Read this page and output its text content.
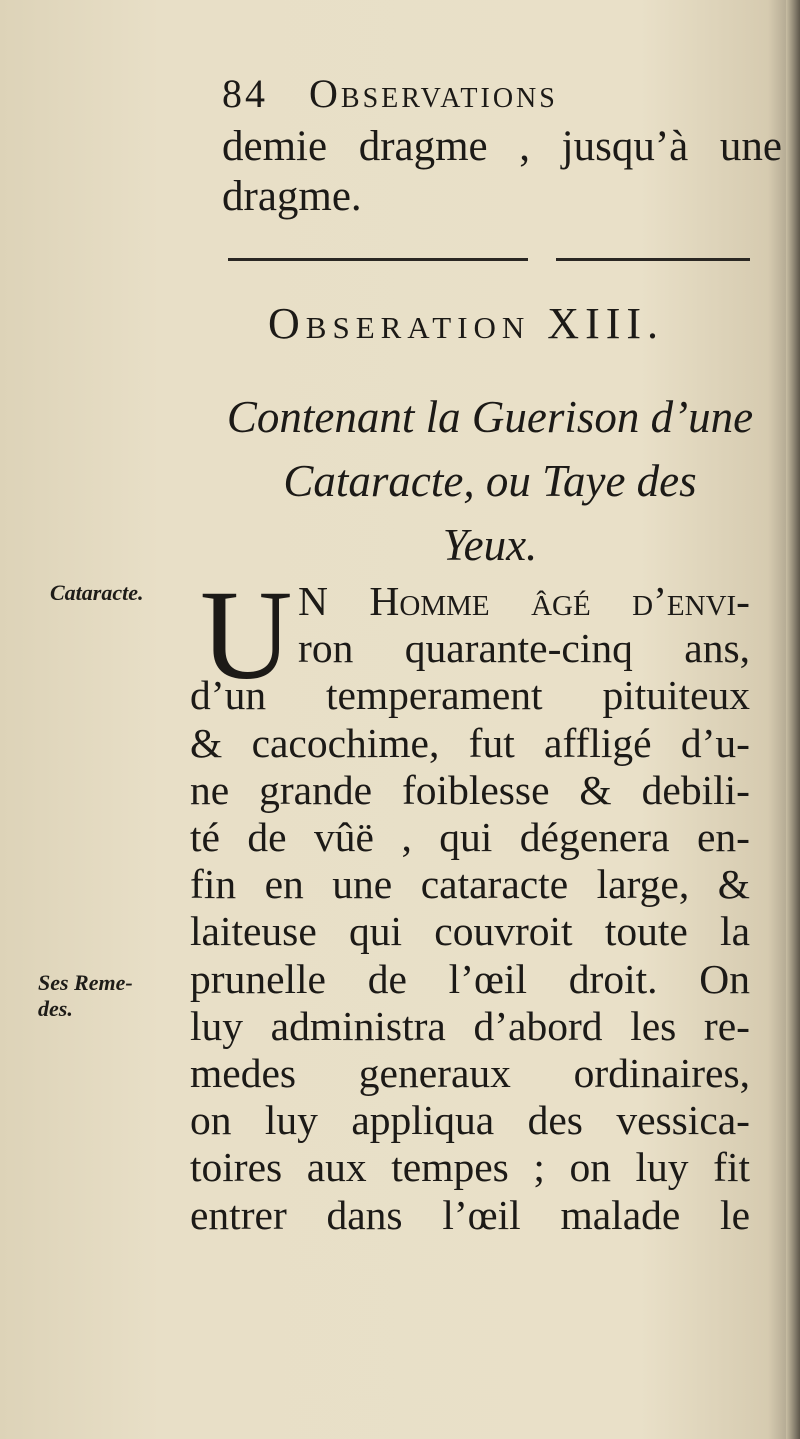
84 Observations
demie dragme , jusqu’à une
dragme.
Obseration XIII.
Contenant la Guerison d’une
Cataracte, ou Taye des
Yeux.
Cataracte.
Ses Reme-
des.
U N Homme âgé d’envi-
ron quarante-cinq ans,
d’un temperament pituiteux
& cacochime, fut affligé d’u-
ne grande foiblesse & debili-
té de vûë , qui dégenera en-
fin en une cataracte large, &
laiteuse qui couvroit toute la
prunelle de l’œil droit. On
luy administra d’abord les re-
medes generaux ordinaires,
on luy appliqua des vessica-
toires aux tempes ; on luy fit
entrer dans l’œil malade le
